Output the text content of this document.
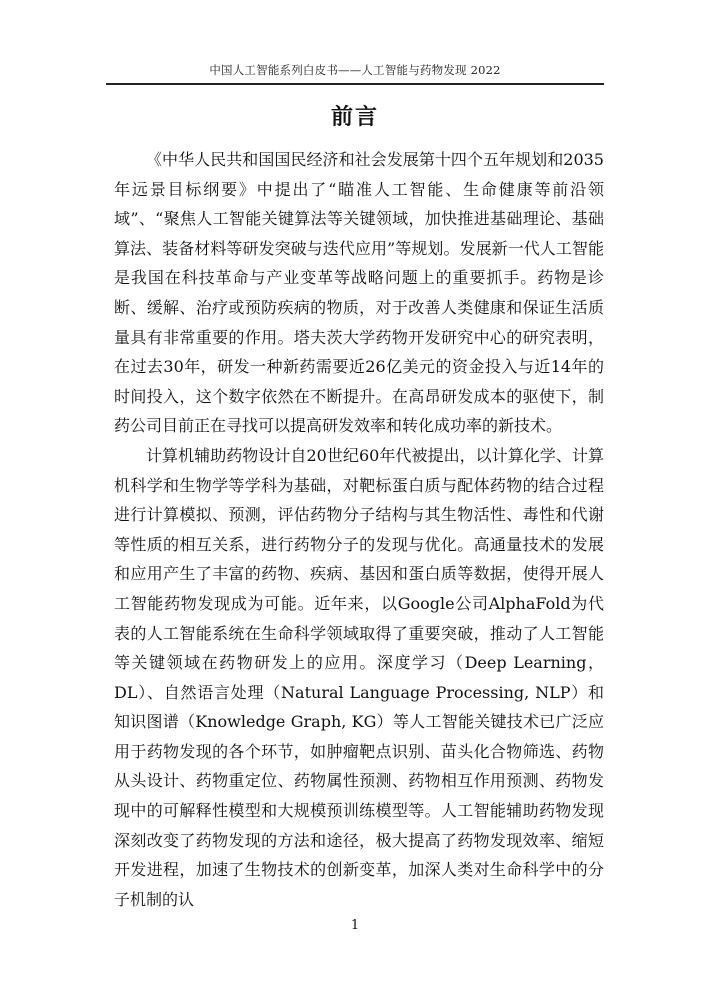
中国人工智能系列白皮书——人工智能与药物发现 2022
前言

《中华人民共和国国民经济和社会发展第十四个五年规划和2035年远景目标纲要》中提出了“瞄准人工智能、生命健康等前沿领域”、“聚焦人工智能关键算法等关键领域，加快推进基础理论、基础算法、装备材料等研发突破与迭代应用”等规划。发展新一代人工智能是我国在科技革命与产业变革等战略问题上的重要抓手。药物是诊断、缓解、治疗或预防疾病的物质，对于改善人类健康和保证生活质量具有非常重要的作用。塔夫茨大学药物开发研究中心的研究表明，在过去30年，研发一种新药需要近26亿美元的资金投入与近14年的时间投入，这个数字依然在不断提升。在高昂研发成本的驱使下，制药公司目前正在寻找可以提高研发效率和转化成功率的新技术。

计算机辅助药物设计自20世纪60年代被提出，以计算化学、计算机科学和生物学等学科为基础，对靶标蛋白质与配体药物的结合过程进行计算模拟、预测，评估药物分子结构与其生物活性、毒性和代谢等性质的相互关系，进行药物分子的发现与优化。高通量技术的发展和应用产生了丰富的药物、疾病、基因和蛋白质等数据，使得开展人工智能药物发现成为可能。近年来，以Google公司AlphaFold为代表的人工智能系统在生命科学领域取得了重要突破，推动了人工智能等关键领域在药物研发上的应用。深度学习（Deep Learning，DL）、自然语言处理（Natural Language Processing, NLP）和知识图谱（Knowledge Graph, KG）等人工智能关键技术已广泛应用于药物发现的各个环节，如肿瘤靶点识别、苗头化合物筛选、药物从头设计、药物重定位、药物属性预测、药物相互作用预测、药物发现中的可解释性模型和大规模预训练模型等。人工智能辅助药物发现深刻改变了药物发现的方法和途径，极大提高了药物发现效率、缩短开发进程，加速了生物技术的创新变革，加深人类对生命科学中的分子机制的认

1
